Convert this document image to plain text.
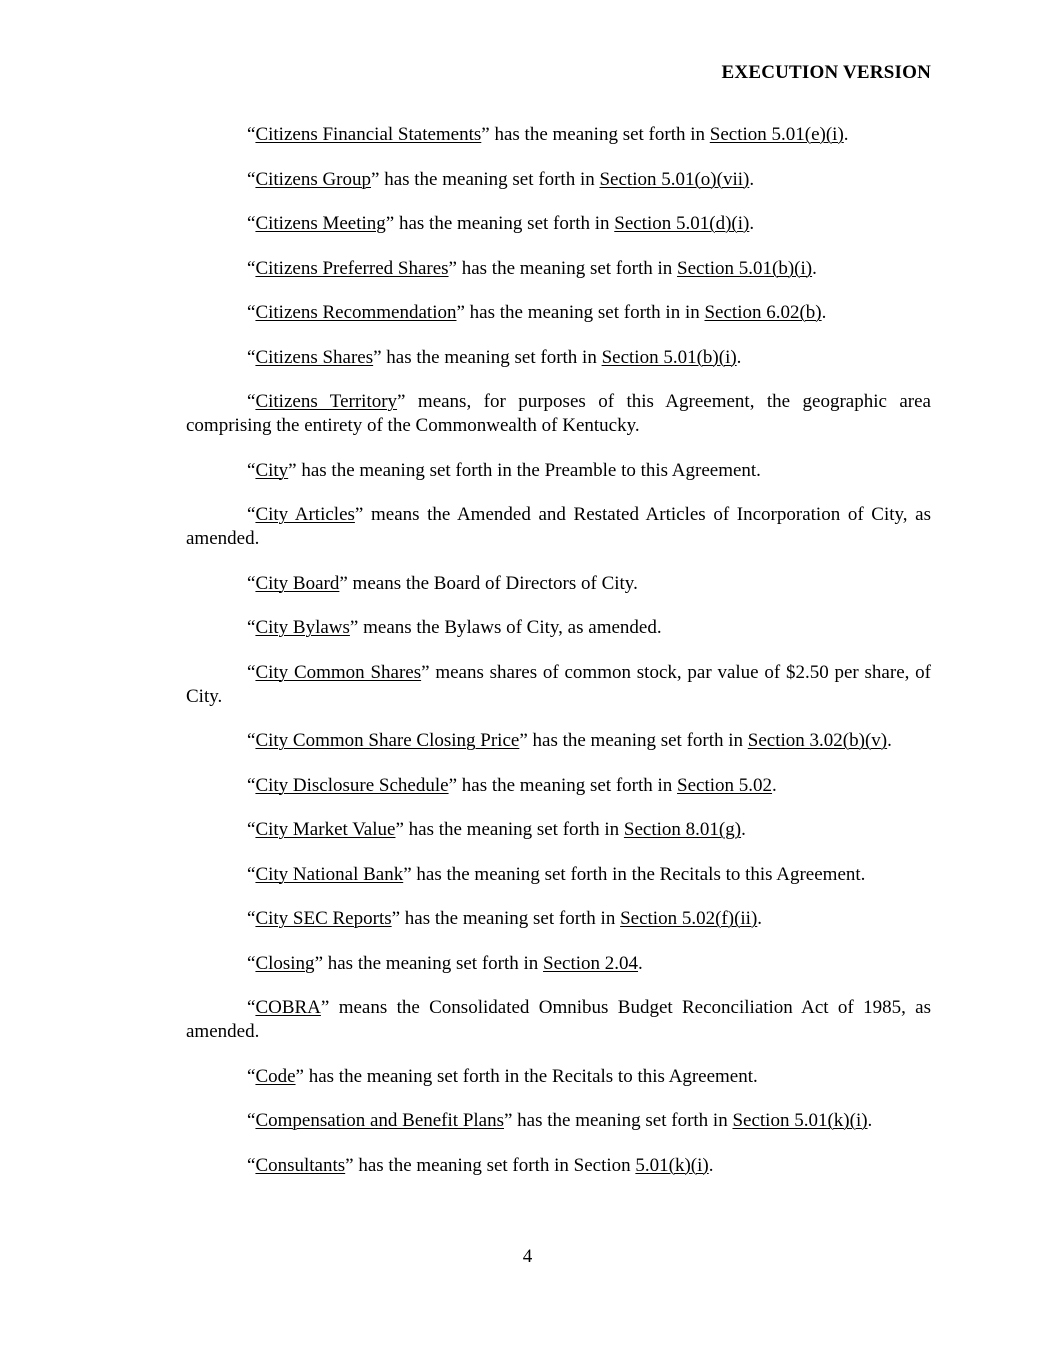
EXECUTION VERSION

“Citizens Financial Statements” has the meaning set forth in Section 5.01(e)(i).

“Citizens Group” has the meaning set forth in Section 5.01(o)(vii).

“Citizens Meeting” has the meaning set forth in Section 5.01(d)(i).

“Citizens Preferred Shares” has the meaning set forth in Section 5.01(b)(i).

“Citizens Recommendation” has the meaning set forth in in Section 6.02(b).

“Citizens Shares” has the meaning set forth in Section 5.01(b)(i).

“Citizens Territory” means, for purposes of this Agreement, the geographic area comprising the entirety of the Commonwealth of Kentucky.

“City” has the meaning set forth in the Preamble to this Agreement.

“City Articles” means the Amended and Restated Articles of Incorporation of City, as amended.

“City Board” means the Board of Directors of City.

“City Bylaws” means the Bylaws of City, as amended.

“City Common Shares” means shares of common stock, par value of $2.50 per share, of City.

“City Common Share Closing Price” has the meaning set forth in Section 3.02(b)(v).

“City Disclosure Schedule” has the meaning set forth in Section 5.02.

“City Market Value” has the meaning set forth in Section 8.01(g).

“City National Bank” has the meaning set forth in the Recitals to this Agreement.

“City SEC Reports” has the meaning set forth in Section 5.02(f)(ii).

“Closing” has the meaning set forth in Section 2.04.

“COBRA” means the Consolidated Omnibus Budget Reconciliation Act of 1985, as amended.

“Code” has the meaning set forth in the Recitals to this Agreement.

“Compensation and Benefit Plans” has the meaning set forth in Section 5.01(k)(i).

“Consultants” has the meaning set forth in Section 5.01(k)(i).

4
